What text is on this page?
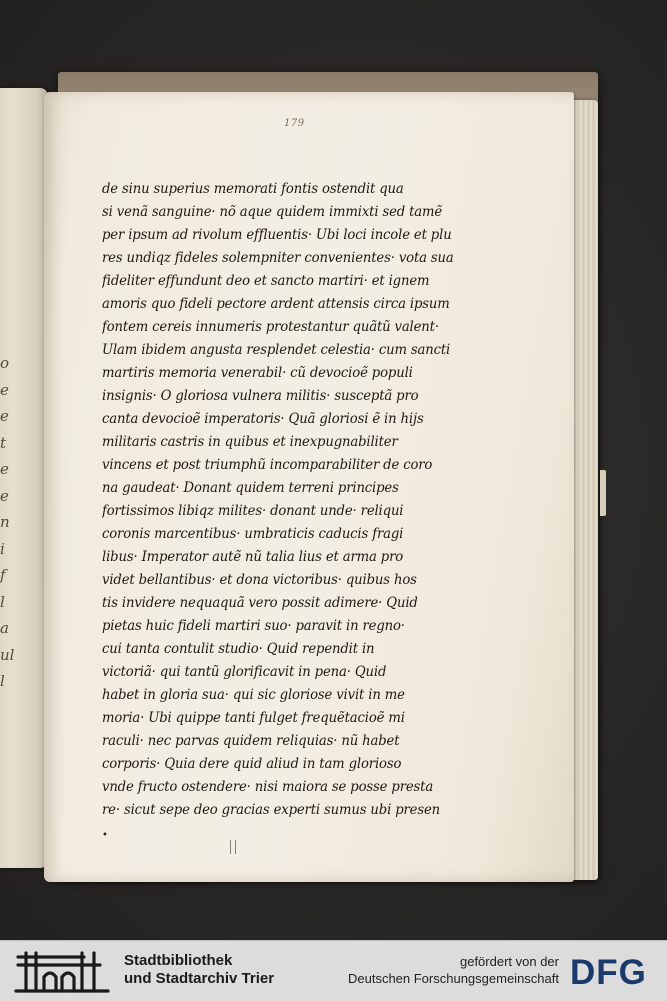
o
e
e
t
e
e
n
i
f
l
a
ul
l
179
de sinu superius memorati fontis ostendit qua
si venã sanguine· nõ aque quidem immixti sed tamẽ
per ipsum ad rivolum effluentis· Ubi loci incole et plu
res undiqz fideles solempniter convenientes· vota sua
fideliter effundunt deo et sancto martiri· et ignem
amoris quo fideli pectore ardent attensis circa ipsum
fontem cereis innumeris protestantur quãtũ valent·
Ulam ibidem angusta resplendet celestia· cum sancti
martiris memoria venerabil· cũ devocioẽ populi
insignis· O gloriosa vulnera militis· susceptã pro
canta devocioẽ imperatoris· Quã gloriosi ẽ in hijs
militaris castris in quibus et inexpugnabiliter
vincens et post triumphũ incomparabiliter de coro
na gaudeat· Donant quidem terreni principes
fortissimos libiqz milites· donant unde· reliqui
coronis marcentibus· umbraticis caducis fragi
libus· Imperator autẽ nũ talia lius et arma pro
videt bellantibus· et dona victoribus· quibus hos
tis invidere nequaquã vero possit adimere· Quid
pietas huic fideli martiri suo· paravit in regno·
cui tanta contulit studio· Quid rependit in
victoriã· qui tantũ glorificavit in pena· Quid
habet in gloria sua· qui sic gloriose vivit in me
moria· Ubi quippe tanti fulget frequẽtacioẽ mi
raculi· nec parvas quidem reliquias· nũ habet
corporis· Quia dere quid aliud in tam glorioso
vnde fructo ostendere· nisi maiora se posse presta
re· sicut sepe deo gracias experti sumus ubi presen
•
Stadtbibliothek
und Stadtarchiv Trier
gefördert von der
Deutschen Forschungsgemeinschaft DFG
